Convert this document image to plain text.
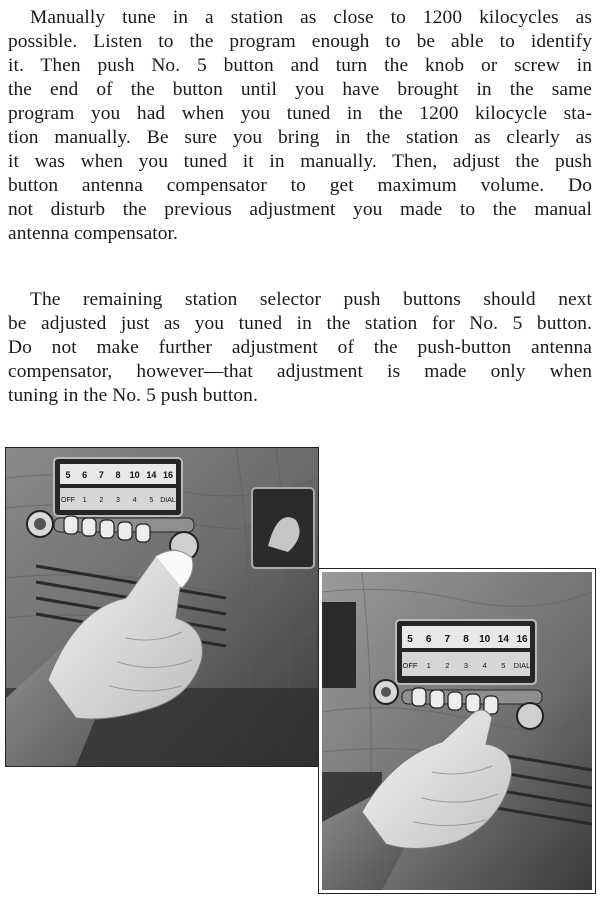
Manually tune in a station as close to 1200 kilocycles as
possible. Listen to the program enough to be able to identify
it. Then push No. 5 button and turn the knob or screw in
the end of the button until you have brought in the same
program you had when you tuned in the 1200 kilocycle sta-
tion manually. Be sure you bring in the station as clearly as
it was when you tuned it in manually. Then, adjust the push
button antenna compensator to get maximum volume. Do
not disturb the previous adjustment you made to the manual
antenna compensator.
The remaining station selector push buttons should next
be adjusted just as you tuned in the station for No. 5 button.
Do not make further adjustment of the push-button antenna
compensator, however—that adjustment is made only when
tuning in the No. 5 push button.
5 6 7 8 10 14 16
OFF 1 2 3 4 5 DIAL
5 6 7 8 10 14 16
OFF 1 2 3 4 5 DIAL
